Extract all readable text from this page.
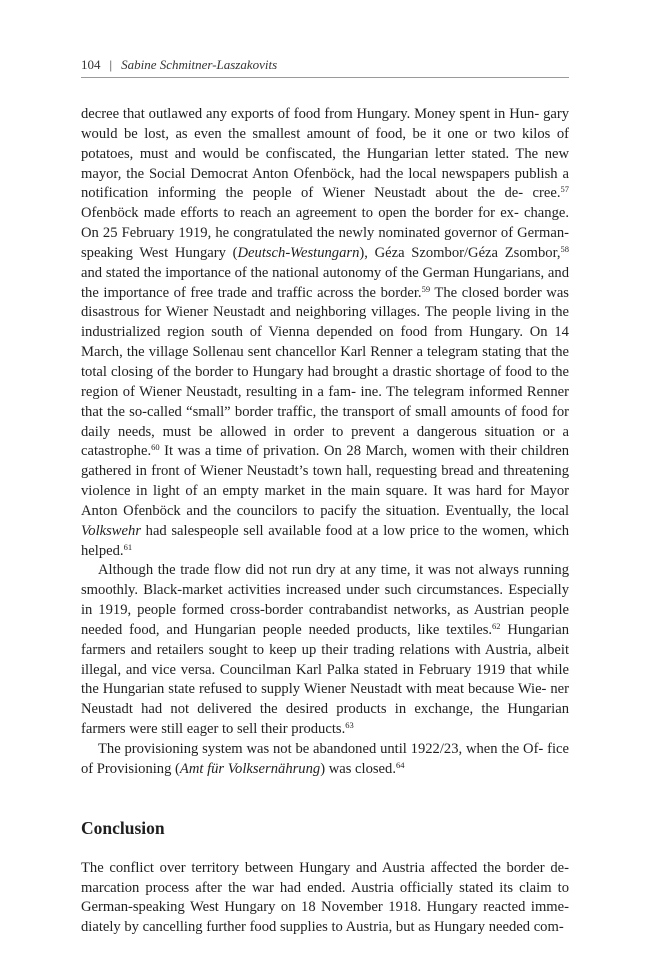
104 | Sabine Schmitner-Laszakovits

decree that outlawed any exports of food from Hungary. Money spent in Hun- gary would be lost, as even the smallest amount of food, be it one or two kilos of potatoes, must and would be confiscated, the Hungarian letter stated. The new mayor, the Social Democrat Anton Ofenböck, had the local newspapers publish a notification informing the people of Wiener Neustadt about the de- cree.$^{57}$ Ofenböck made efforts to reach an agreement to open the border for ex- change. On 25 February 1919, he congratulated the newly nominated governor of German-speaking West Hungary (Deutsch-Westungarn), Géza Szombor/Géza Zsombor,$^{58}$ and stated the importance of the national autonomy of the German Hungarians, and the importance of free trade and traffic across the border.$^{59}$ The closed border was disastrous for Wiener Neustadt and neighboring villages. The people living in the industrialized region south of Vienna depended on food from Hungary. On 14 March, the village Sollenau sent chancellor Karl Renner a telegram stating that the total closing of the border to Hungary had brought a drastic shortage of food to the region of Wiener Neustadt, resulting in a fam- ine. The telegram informed Renner that the so-called “small” border traffic, the transport of small amounts of food for daily needs, must be allowed in order to prevent a dangerous situation or a catastrophe.$^{60}$ It was a time of privation. On 28 March, women with their children gathered in front of Wiener Neustadt’s town hall, requesting bread and threatening violence in light of an empty market in the main square. It was hard for Mayor Anton Ofenböck and the councilors to pacify the situation. Eventually, the local Volkswehr had salespeople sell available food at a low price to the women, which helped.$^{61}$

Although the trade flow did not run dry at any time, it was not always running smoothly. Black-market activities increased under such circumstances. Especially in 1919, people formed cross-border contrabandist networks, as Austrian people needed food, and Hungarian people needed products, like textiles.$^{62}$ Hungarian farmers and retailers sought to keep up their trading relations with Austria, albeit illegal, and vice versa. Councilman Karl Palka stated in February 1919 that while the Hungarian state refused to supply Wiener Neustadt with meat because Wie- ner Neustadt had not delivered the desired products in exchange, the Hungarian farmers were still eager to sell their products.$^{63}$

The provisioning system was not be abandoned until 1922/23, when the Of- fice of Provisioning (Amt für Volksernährung) was closed.$^{64}$

Conclusion

The conflict over territory between Hungary and Austria affected the border de- marcation process after the war had ended. Austria officially stated its claim to German-speaking West Hungary on 18 November 1918. Hungary reacted imme- diately by cancelling further food supplies to Austria, but as Hungary needed com-
